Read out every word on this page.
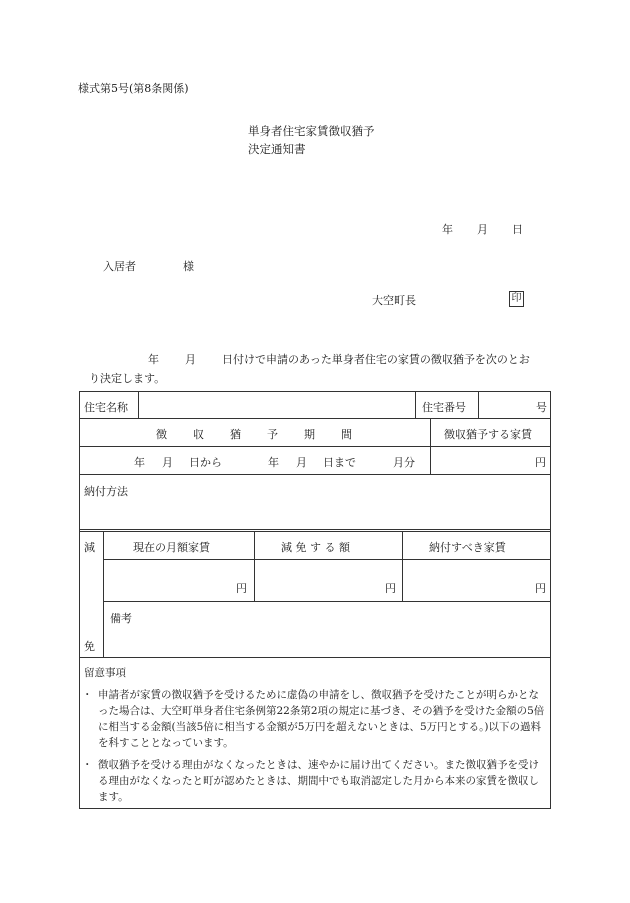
様式第5号(第8条関係)
単身者住宅家賃徴収猶予
決定通知書
年 月 日
入居者	様
大空町長	印
年 月 日付けで申請のあった単身者住宅の家賃の徴収猶予を次のとお
り決定します。
住宅名称	住宅番号	号
徴 収 猶 予 期 間	徴収猶予する家賃
年 月 日から	年 月 日まで	月分	円
納付方法
減
免
現在の月額家賃	減 免 す る 額	納付すべき家賃
円	円	円
備考
留意事項
・ 申請者が家賃の徴収猶予を受けるために虚偽の申請をし、徴収猶予を受けたことが明らかとなった場合は、大空町単身者住宅条例第22条第2項の規定に基づき、その猶予を受けた金額の5倍に相当する金額(当該5倍に相当する金額が5万円を超えないときは、5万円とする。)以下の過料を科すこととなっています。
・ 徴収猶予を受ける理由がなくなったときは、速やかに届け出てください。また徴収猶予を受ける理由がなくなったと町が認めたときは、期間中でも取消認定した月から本来の家賃を徴収します。
